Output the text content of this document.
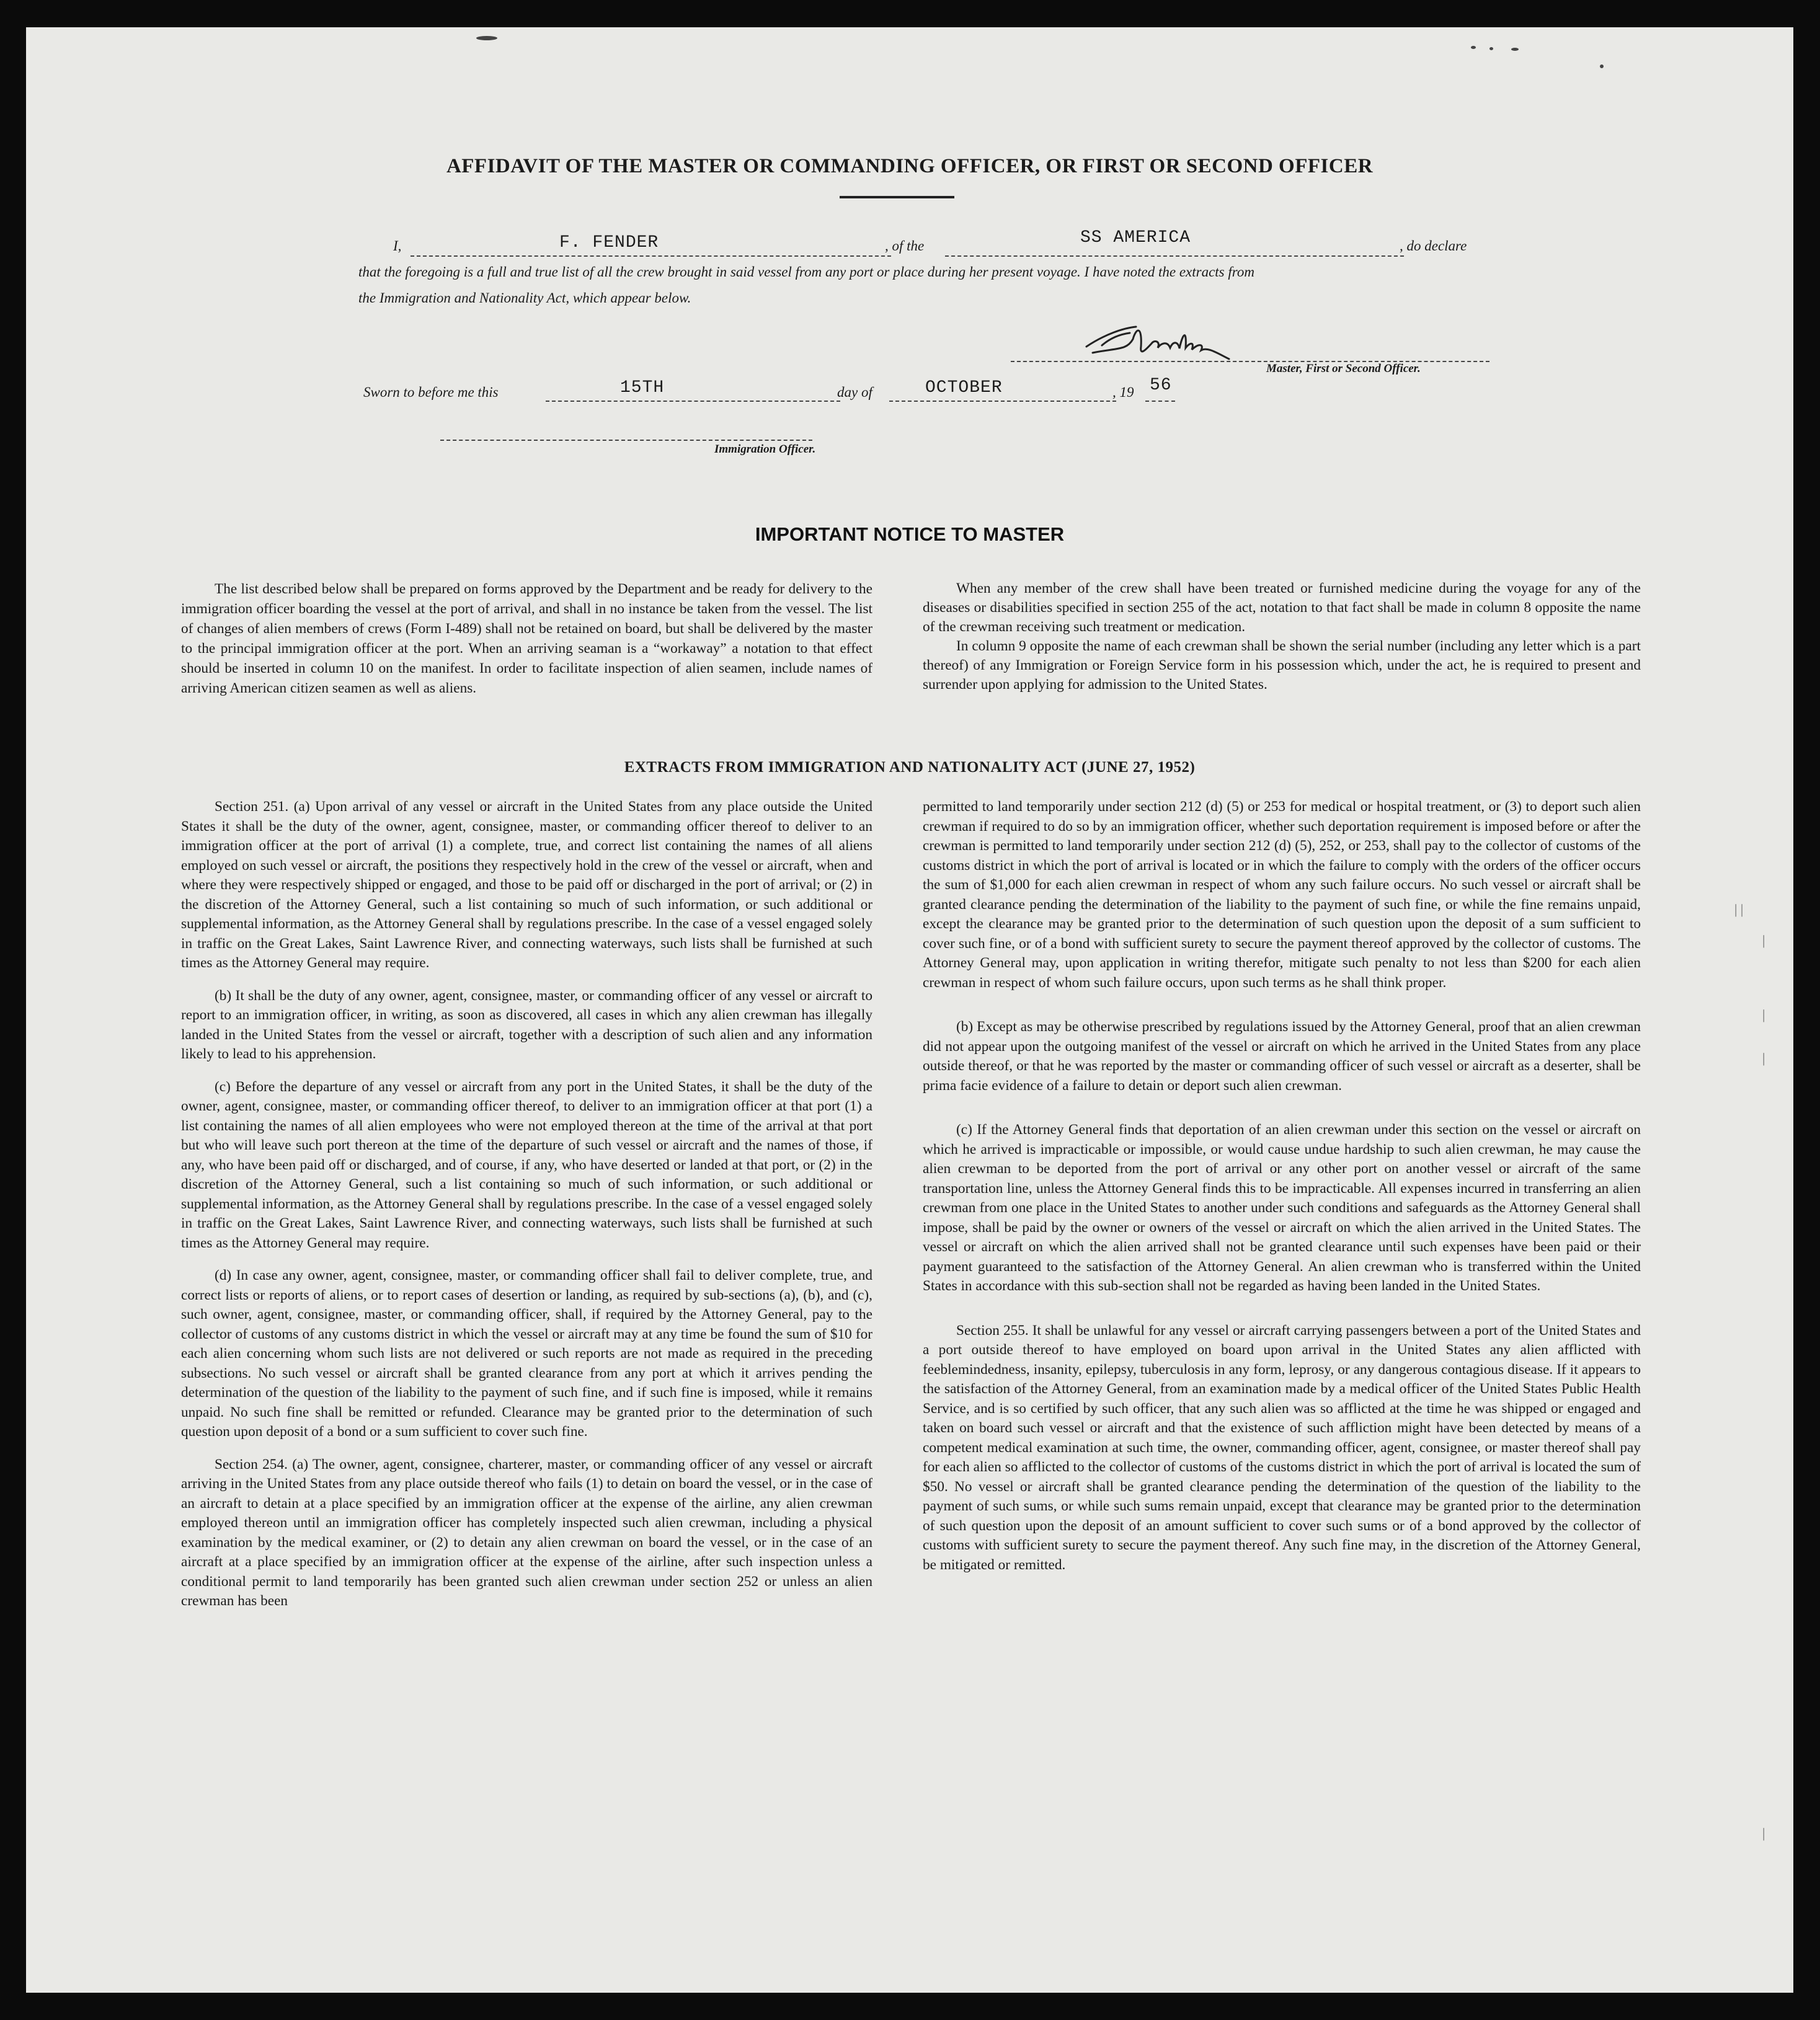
AFFIDAVIT OF THE MASTER OR COMMANDING OFFICER, OR FIRST OR SECOND OFFICER
I,	F. FENDER	, of the	SS AMERICA	, do declare
that the foregoing is a full and true list of all the crew brought in said vessel from any port or place during her present voyage. I have noted the extracts from
the Immigration and Nationality Act, which appear below.
Master, First or Second Officer.
Sworn to before me this	15TH	day of	OCTOBER	, 19 56
Immigration Officer.
IMPORTANT NOTICE TO MASTER

The list described below shall be prepared on forms approved by the Department and be ready for delivery to the immigration officer boarding the vessel at the port of arrival, and shall in no instance be taken from the vessel. The list of changes of alien members of crews (Form I-489) shall not be retained on board, but shall be delivered by the master to the principal immigration officer at the port. When an arriving seaman is a “workaway” a notation to that effect should be inserted in column 10 on the manifest. In order to facilitate inspection of alien seamen, include names of arriving American citizen seamen as well as aliens.

When any member of the crew shall have been treated or furnished medicine during the voyage for any of the diseases or disabilities specified in section 255 of the act, notation to that fact shall be made in column 8 opposite the name of the crewman receiving such treatment or medication.

In column 9 opposite the name of each crewman shall be shown the serial number (including any letter which is a part thereof) of any Immigration or Foreign Service form in his possession which, under the act, he is required to present and surrender upon applying for admission to the United States.

EXTRACTS FROM IMMIGRATION AND NATIONALITY ACT (JUNE 27, 1952)

Section 251. (a) Upon arrival of any vessel or aircraft in the United States from any place outside the United States it shall be the duty of the owner, agent, consignee, master, or commanding officer thereof to deliver to an immigration officer at the port of arrival (1) a complete, true, and correct list containing the names of all aliens employed on such vessel or aircraft, the positions they respectively hold in the crew of the vessel or aircraft, when and where they were respectively shipped or engaged, and those to be paid off or discharged in the port of arrival; or (2) in the discretion of the Attorney General, such a list containing so much of such information, or such additional or supplemental information, as the Attorney General shall by regulations prescribe. In the case of a vessel engaged solely in traffic on the Great Lakes, Saint Lawrence River, and connecting waterways, such lists shall be furnished at such times as the Attorney General may require.

(b) It shall be the duty of any owner, agent, consignee, master, or commanding officer of any vessel or aircraft to report to an immigration officer, in writing, as soon as discovered, all cases in which any alien crewman has illegally landed in the United States from the vessel or aircraft, together with a description of such alien and any information likely to lead to his apprehension.

(c) Before the departure of any vessel or aircraft from any port in the United States, it shall be the duty of the owner, agent, consignee, master, or commanding officer thereof, to deliver to an immigration officer at that port (1) a list containing the names of all alien employees who were not employed thereon at the time of the arrival at that port but who will leave such port thereon at the time of the departure of such vessel or aircraft and the names of those, if any, who have been paid off or discharged, and of course, if any, who have deserted or landed at that port, or (2) in the discretion of the Attorney General, such a list containing so much of such information, or such additional or supplemental information, as the Attorney General shall by regulations prescribe. In the case of a vessel engaged solely in traffic on the Great Lakes, Saint Lawrence River, and connecting waterways, such lists shall be furnished at such times as the Attorney General may require.

(d) In case any owner, agent, consignee, master, or commanding officer shall fail to deliver complete, true, and correct lists or reports of aliens, or to report cases of desertion or landing, as required by sub-sections (a), (b), and (c), such owner, agent, consignee, master, or commanding officer, shall, if required by the Attorney General, pay to the collector of customs of any customs district in which the vessel or aircraft may at any time be found the sum of $10 for each alien concerning whom such lists are not delivered or such reports are not made as required in the preceding subsections. No such vessel or aircraft shall be granted clearance from any port at which it arrives pending the determination of the question of the liability to the payment of such fine, and if such fine is imposed, while it remains unpaid. No such fine shall be remitted or refunded. Clearance may be granted prior to the determination of such question upon deposit of a bond or a sum sufficient to cover such fine.

Section 254. (a) The owner, agent, consignee, charterer, master, or commanding officer of any vessel or aircraft arriving in the United States from any place outside thereof who fails (1) to detain on board the vessel, or in the case of an aircraft to detain at a place specified by an immigration officer at the expense of the airline, any alien crewman employed thereon until an immigration officer has completely inspected such alien crewman, including a physical examination by the medical examiner, or (2) to detain any alien crewman on board the vessel, or in the case of an aircraft at a place specified by an immigration officer at the expense of the airline, after such inspection unless a conditional permit to land temporarily has been granted such alien crewman under section 252 or unless an alien crewman has been

permitted to land temporarily under section 212 (d) (5) or 253 for medical or hospital treatment, or (3) to deport such alien crewman if required to do so by an immigration officer, whether such deportation requirement is imposed before or after the crewman is permitted to land temporarily under section 212 (d) (5), 252, or 253, shall pay to the collector of customs of the customs district in which the port of arrival is located or in which the failure to comply with the orders of the officer occurs the sum of $1,000 for each alien crewman in respect of whom any such failure occurs. No such vessel or aircraft shall be granted clearance pending the determination of the liability to the payment of such fine, or while the fine remains unpaid, except the clearance may be granted prior to the determination of such question upon the deposit of a sum sufficient to cover such fine, or of a bond with sufficient surety to secure the payment thereof approved by the collector of customs. The Attorney General may, upon application in writing therefor, mitigate such penalty to not less than $200 for each alien crewman in respect of whom such failure occurs, upon such terms as he shall think proper.

(b) Except as may be otherwise prescribed by regulations issued by the Attorney General, proof that an alien crewman did not appear upon the outgoing manifest of the vessel or aircraft on which he arrived in the United States from any place outside thereof, or that he was reported by the master or commanding officer of such vessel or aircraft as a deserter, shall be prima facie evidence of a failure to detain or deport such alien crewman.

(c) If the Attorney General finds that deportation of an alien crewman under this section on the vessel or aircraft on which he arrived is impracticable or impossible, or would cause undue hardship to such alien crewman, he may cause the alien crewman to be deported from the port of arrival or any other port on another vessel or aircraft of the same transportation line, unless the Attorney General finds this to be impracticable. All expenses incurred in transferring an alien crewman from one place in the United States to another under such conditions and safeguards as the Attorney General shall impose, shall be paid by the owner or owners of the vessel or aircraft on which the alien arrived in the United States. The vessel or aircraft on which the alien arrived shall not be granted clearance until such expenses have been paid or their payment guaranteed to the satisfaction of the Attorney General. An alien crewman who is transferred within the United States in accordance with this sub-section shall not be regarded as having been landed in the United States.

Section 255. It shall be unlawful for any vessel or aircraft carrying passengers between a port of the United States and a port outside thereof to have employed on board upon arrival in the United States any alien afflicted with feeblemindedness, insanity, epilepsy, tuberculosis in any form, leprosy, or any dangerous contagious disease. If it appears to the satisfaction of the Attorney General, from an examination made by a medical officer of the United States Public Health Service, and is so certified by such officer, that any such alien was so afflicted at the time he was shipped or engaged and taken on board such vessel or aircraft and that the existence of such affliction might have been detected by means of a competent medical examination at such time, the owner, commanding officer, agent, consignee, or master thereof shall pay for each alien so afflicted to the collector of customs of the customs district in which the port of arrival is located the sum of $50. No vessel or aircraft shall be granted clearance pending the determination of the question of the liability to the payment of such sums, or while such sums remain unpaid, except that clearance may be granted prior to the determination of such question upon the deposit of an amount sufficient to cover such sums or of a bond approved by the collector of customs with sufficient surety to secure the payment thereof. Any such fine may, in the discretion of the Attorney General, be mitigated or remitted.

| |
|
|
|
|
